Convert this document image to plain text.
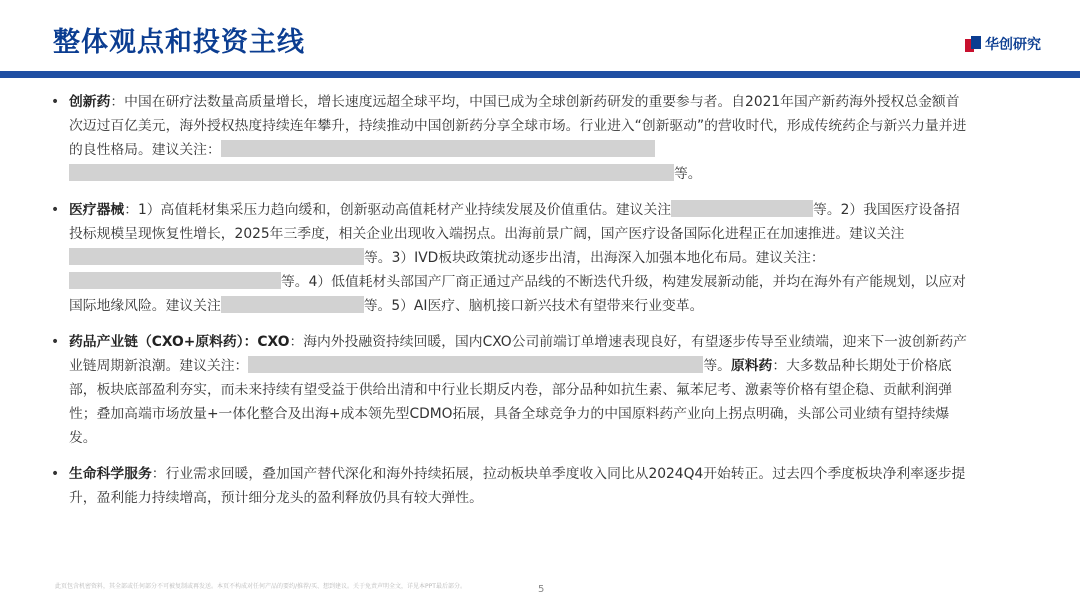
整体观点和投资主线	华创研究
• 创新药：中国在研疗法数量高质量增长，增长速度远超全球平均，中国已成为全球创新药研发的重要参与者。自2021年国产新药海外授权总金额首次迈过百亿美元，海外授权热度持续连年攀升，持续推动中国创新药分享全球市场。行业进入“创新驱动”的营收时代，形成传统药企与新兴力量并进的良性格局。建议关注：等。
• 医疗器械：1）高值耗材集采压力趋向缓和，创新驱动高值耗材产业持续发展及价值重估。建议关注	等。2）我国医疗设备招投标规模呈现恢复性增长，2025年三季度，相关企业出现收入端拐点。出海前景广阔，国产医疗设备国际化进程正在加速推进。建议关注等。3）IVD板块政策扰动逐步出清，出海深入加强本地化布局。建议关注：等。4）低值耗材头部国产厂商正通过产品线的不断迭代升级，构建发展新动能，并均在海外有产能规划，以应对国际地缘风险。建议关注	等。5）AI医疗、脑机接口新兴技术有望带来行业变革。
• 药品产业链（CXO+原料药）：CXO：海内外投融资持续回暖，国内CXO公司前端订单增速表现良好，有望逐步传导至业绩端，迎来下一波创新药产业链周期新浪潮。建议关注：	等。原料药：大多数品种长期处于价格底部，板块底部盈利夯实，而未来持续有望受益于供给出清和中行业长期反内卷，部分品种如抗生素、氟苯尼考、激素等价格有望企稳、贡献利润弹性；叠加高端市场放量+一体化整合及出海+成本领先型CDMO拓展，具备全球竞争力的中国原料药产业向上拐点明确，头部公司业绩有望持续爆发。
• 生命科学服务：行业需求回暖，叠加国产替代深化和海外持续拓展，拉动板块单季度收入同比从2024Q4开始转正。过去四个季度板块净利率逐步提升，盈利能力持续增高，预计细分龙头的盈利释放仍具有较大弹性。
此页包含机密资料，其全部或任何部分不可被复制或再发送。本页不构成对任何产品的要约/推荐/买、想到建议。关于免责声明全文，详见本PPT最后部分。	5
